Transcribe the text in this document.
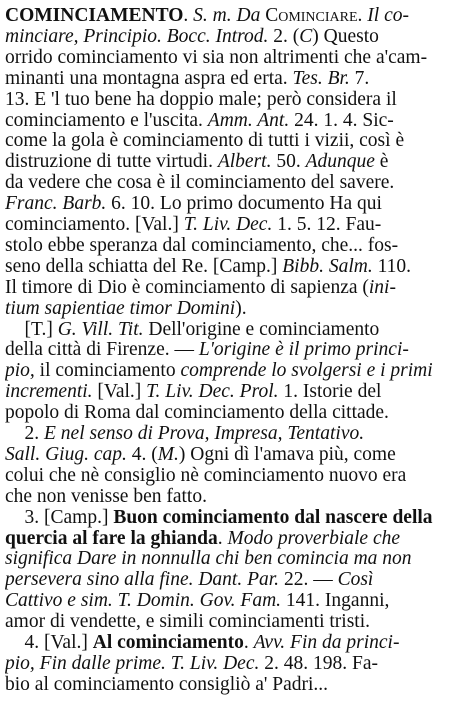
COMINCIAMENTO. S. m. Da Cominciare. Il co-
minciare, Principio. Bocc. Introd. 2. (C) Questo
orrido cominciamento vi sia non altrimenti che a'cam-
minanti una montagna aspra ed erta. Tes. Br. 7.
13. E 'l tuo bene ha doppio male; però considera il
cominciamento e l'uscita. Amm. Ant. 24. 1. 4. Sic-
come la gola è cominciamento di tutti i vizii, così è
distruzione di tutte virtudi. Albert. 50. Adunque è
da vedere che cosa è il cominciamento del savere.
Franc. Barb. 6. 10. Lo primo documento Ha qui
cominciamento. [Val.] T. Liv. Dec. 1. 5. 12. Fau-
stolo ebbe speranza dal cominciamento, che... fos-
seno della schiatta del Re. [Camp.] Bibb. Salm. 110.
Il timore di Dio è cominciamento di sapienza (ini-
tium sapientiae timor Domini).
[T.] G. Vill. Tit. Dell'origine e cominciamento
della città di Firenze. — L'origine è il primo princi-
pio, il cominciamento comprende lo svolgersi e i primi
incrementi. [Val.] T. Liv. Dec. Prol. 1. Istorie del
popolo di Roma dal cominciamento della cittade.
2. E nel senso di Prova, Impresa, Tentativo.
Sall. Giug. cap. 4. (M.) Ogni dì l'amava più, come
colui che nè consiglio nè cominciamento nuovo era
che non venisse ben fatto.
3. [Camp.] Buon cominciamento dal nascere della
quercia al fare la ghianda. Modo proverbiale che
significa Dare in nonnulla chi ben comincia ma non
persevera sino alla fine. Dant. Par. 22. — Così
Cattivo e sim. T. Domin. Gov. Fam. 141. Inganni,
amor di vendette, e simili cominciamenti tristi.
4. [Val.] Al cominciamento. Avv. Fin da princi-
pio, Fin dalle prime. T. Liv. Dec. 2. 48. 198. Fa-
bio al cominciamento consigliò a' Padri...
